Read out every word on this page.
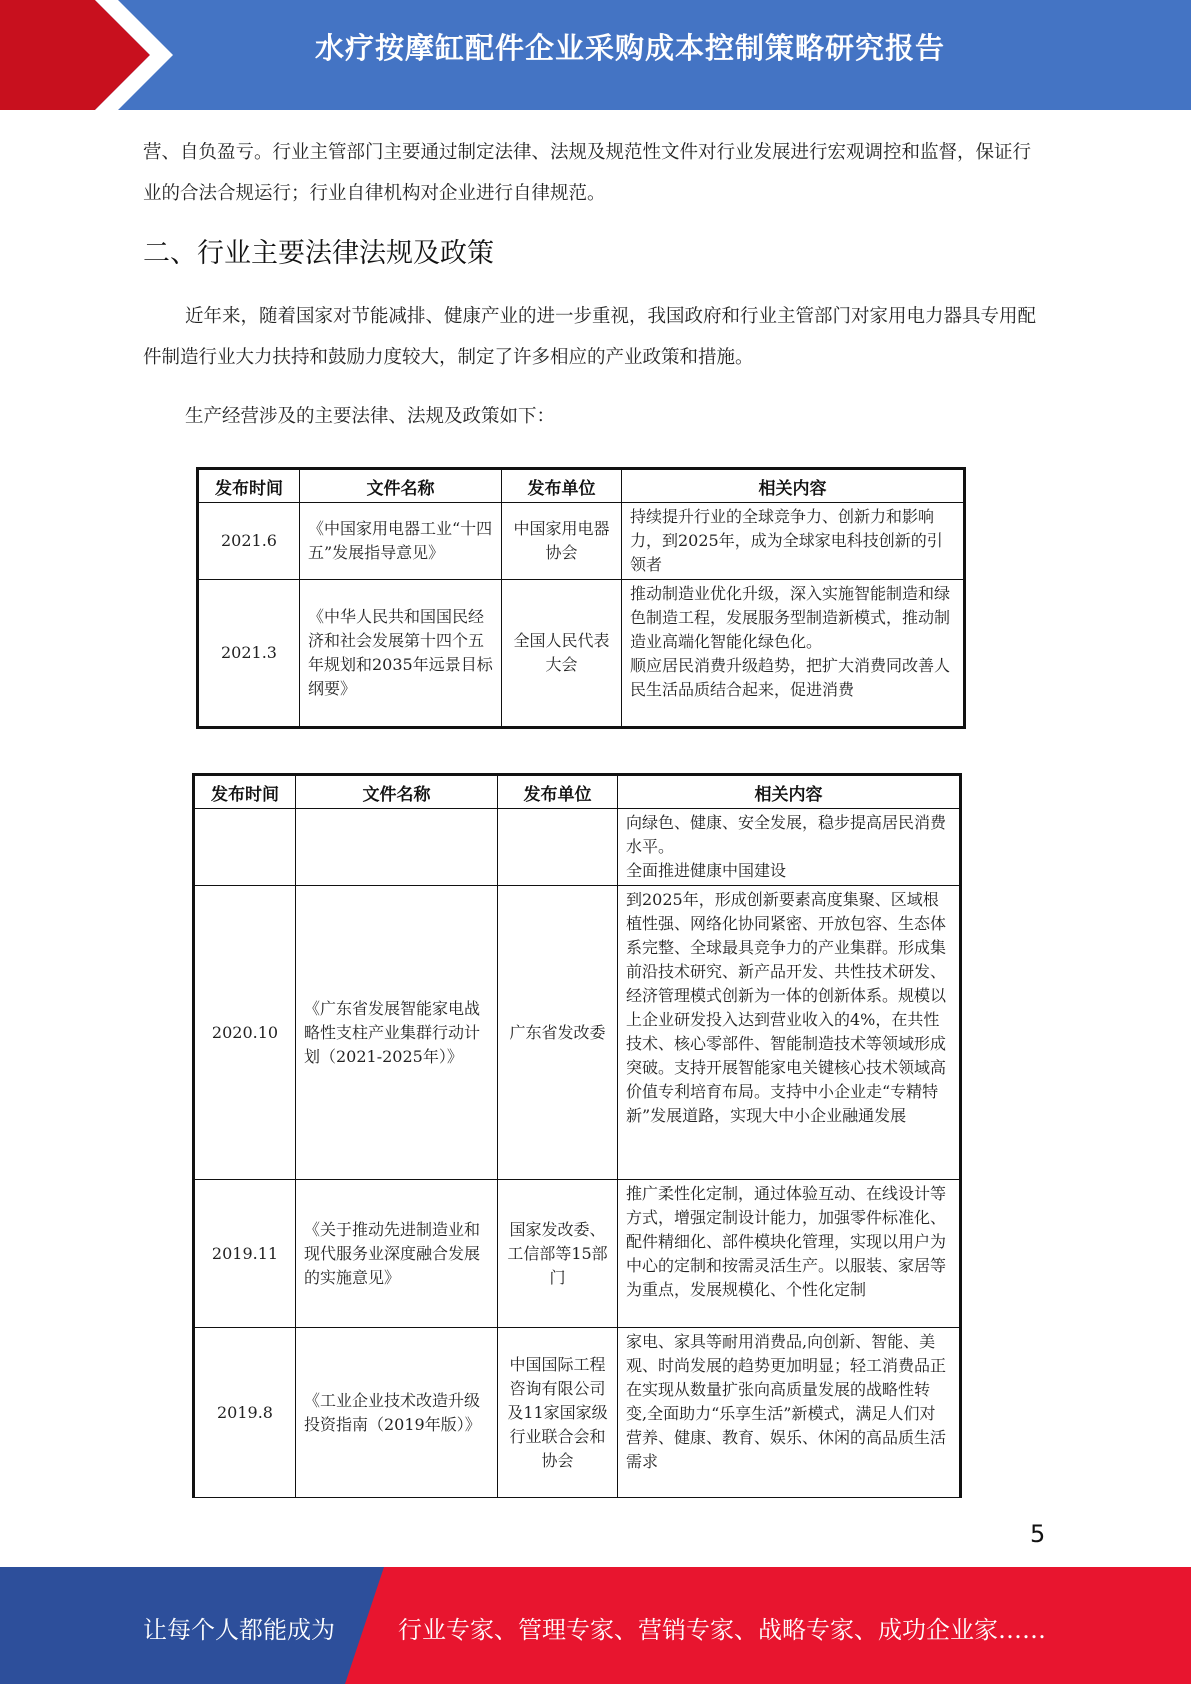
水疗按摩缸配件企业采购成本控制策略研究报告

营、自负盈亏。行业主管部门主要通过制定法律、法规及规范性文件对行业发展进行宏观调控和监督，保证行业的合法合规运行；行业自律机构对企业进行自律规范。

二、行业主要法律法规及政策

近年来，随着国家对节能减排、健康产业的进一步重视，我国政府和行业主管部门对家用电力器具专用配件制造行业大力扶持和鼓励力度较大，制定了许多相应的产业政策和措施。

生产经营涉及的主要法律、法规及政策如下：

发布时间	文件名称	发布单位	相关内容
2021.6	《中国家用电器工业“十四五”发展指导意见》	中国家用电器协会	持续提升行业的全球竞争力、创新力和影响力，到2025年，成为全球家电科技创新的引领者
2021.3	《中华人民共和国国民经济和社会发展第十四个五年规划和2035年远景目标纲要》	全国人民代表大会	推动制造业优化升级，深入实施智能制造和绿色制造工程，发展服务型制造新模式，推动制造业高端化智能化绿色化。
顺应居民消费升级趋势，把扩大消费同改善人民生活品质结合起来，促进消费
发布时间	文件名称	发布单位	相关内容

			向绿色、健康、安全发展，稳步提高居民消费水平。
全面推进健康中国建设

2020.10	《广东省发展智能家电战略性支柱产业集群行动计划（2021-2025年）》	广东省发改委	到2025年，形成创新要素高度集聚、区域根植性强、网络化协同紧密、开放包容、生态体系完整、全球最具竞争力的产业集群。形成集前沿技术研究、新产品开发、共性技术研发、经济管理模式创新为一体的创新体系。规模以上企业研发投入达到营业收入的4%，在共性技术、核心零部件、智能制造技术等领域形成突破。支持开展智能家电关键核心技术领域高价值专利培育布局。支持中小企业走“专精特新”发展道路，实现大中小企业融通发展
2019.11	《关于推动先进制造业和现代服务业深度融合发展的实施意见》	国家发改委、工信部等15部门	推广柔性化定制，通过体验互动、在线设计等方式，增强定制设计能力，加强零件标准化、配件精细化、部件模块化管理，实现以用户为中心的定制和按需灵活生产。以服装、家居等为重点，发展规模化、个性化定制
2019.8	《工业企业技术改造升级投资指南（2019年版）》	中国国际工程咨询有限公司及11家国家级行业联合会和协会	家电、家具等耐用消费品,向创新、智能、美观、时尚发展的趋势更加明显；轻工消费品正在实现从数量扩张向高质量发展的战略性转变,全面助力“乐享生活”新模式，满足人们对营养、健康、教育、娱乐、休闲的高品质生活需求
5
让每个人都能成为	行业专家、管理专家、营销专家、战略专家、成功企业家……
